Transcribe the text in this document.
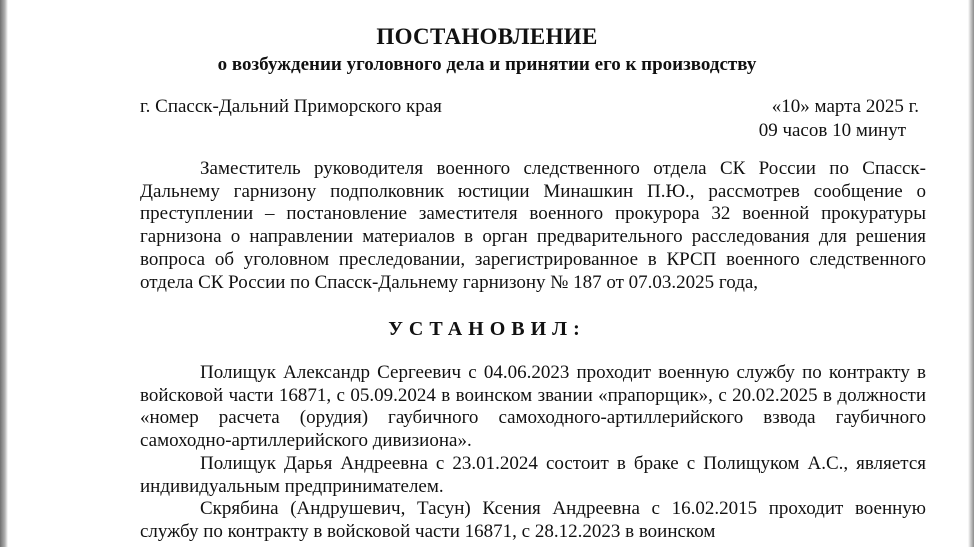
ПОСТАНОВЛЕНИЕ
о возбуждении уголовного дела и принятии его к производству
г. Спасск-Дальний Приморского края	«10» марта 2025 г.
09 часов 10 минут

Заместитель руководителя военного следственного отдела СК России по Спасск-Дальнему гарнизону подполковник юстиции Минашкин П.Ю., рассмотрев сообщение о преступлении – постановление заместителя военного прокурора 32 военной прокуратуры гарнизона о направлении материалов в орган предварительного расследования для решения вопроса об уголовном преследовании, зарегистрированное в КРСП военного следственного отдела СК России по Спасск-Дальнему гарнизону № 187 от 07.03.2025 года,

УСТАНОВИЛ:

Полищук Александр Сергеевич с 04.06.2023 проходит военную службу по контракту в войсковой части 16871, с 05.09.2024 в воинском звании «прапорщик», с 20.02.2025 в должности «номер расчета (орудия) гаубичного самоходного-артиллерийского взвода гаубичного самоходно-артиллерийского дивизиона».

Полищук Дарья Андреевна с 23.01.2024 состоит в браке с Полищуком А.С., является индивидуальным предпринимателем.

Скрябина (Андрушевич, Тасун) Ксения Андреевна с 16.02.2015 проходит военную службу по контракту в войсковой части 16871, с 28.12.2023 в воинском
